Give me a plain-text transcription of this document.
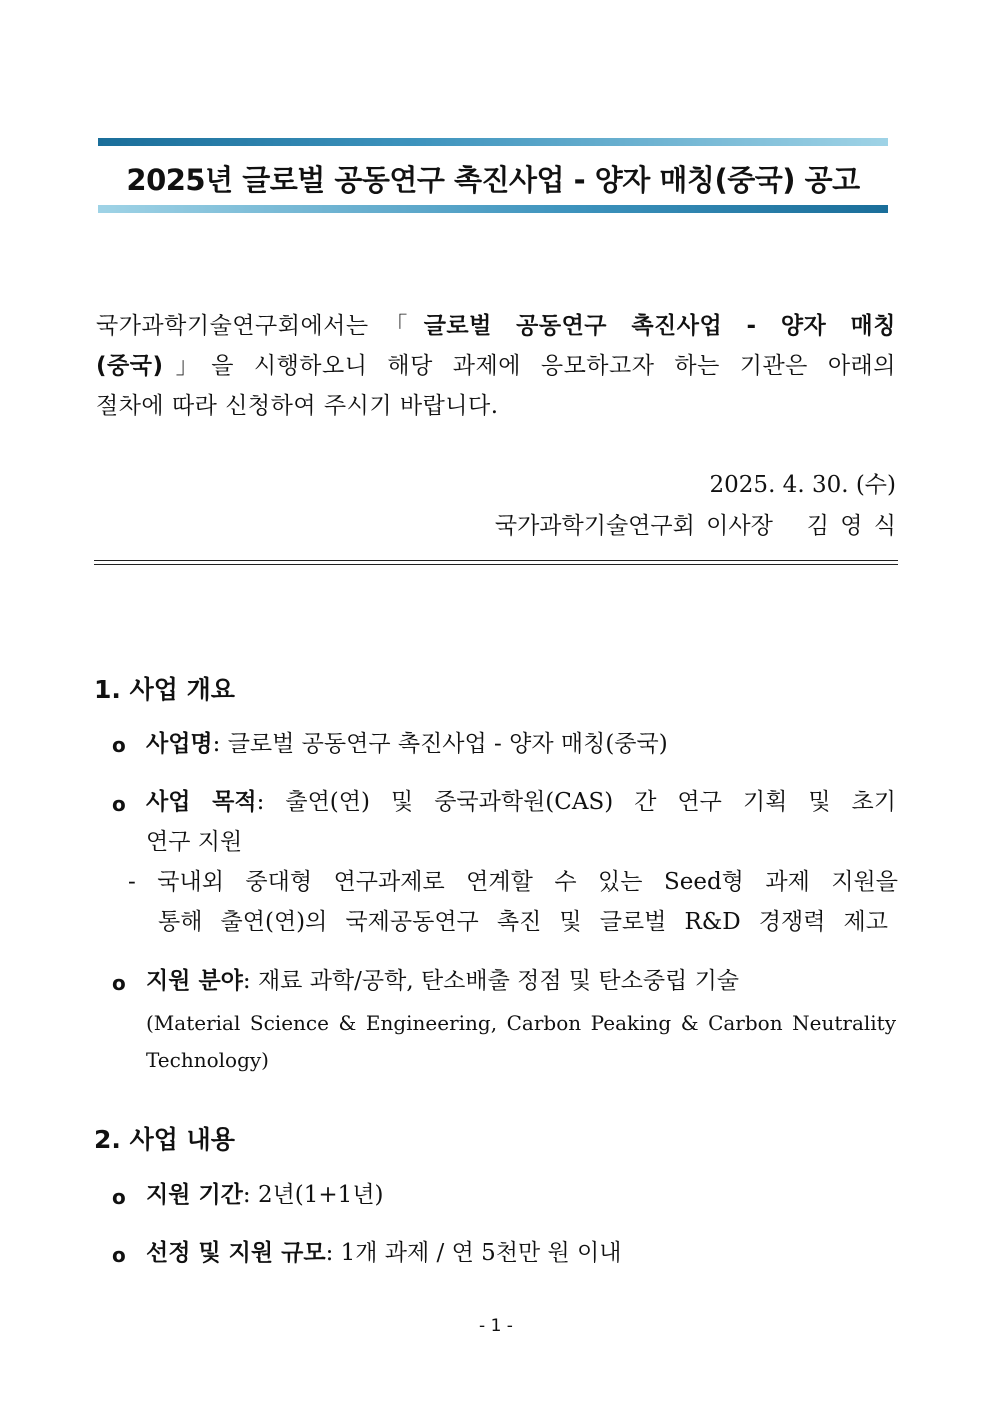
2025년 글로벌 공동연구 촉진사업 - 양자 매칭(중국) 공고
국가과학기술연구회에서는「글로벌 공동연구 촉진사업 - 양자 매칭
(중국)」을 시행하오니 해당 과제에 응모하고자 하는 기관은 아래의
절차에 따라 신청하여 주시기 바랍니다.
2025. 4. 30. (수)
국가과학기술연구회 이사장   김 영 식
1. 사업 개요
o 사업명: 글로벌 공동연구 촉진사업 - 양자 매칭(중국)
o 사업 목적: 출연(연) 및 중국과학원(CAS) 간 연구 기획 및 초기
연구 지원
- 국내외 중대형 연구과제로 연계할 수 있는 Seed형 과제 지원을
통해 출연(연)의 국제공동연구 촉진 및 글로벌 R&D 경쟁력 제고
o 지원 분야: 재료 과학/공학, 탄소배출 정점 및 탄소중립 기술
(Material Science & Engineering, Carbon Peaking & Carbon Neutrality
Technology)
2. 사업 내용
o 지원 기간: 2년(1+1년)
o 선정 및 지원 규모: 1개 과제 / 연 5천만 원 이내
- 1 -
